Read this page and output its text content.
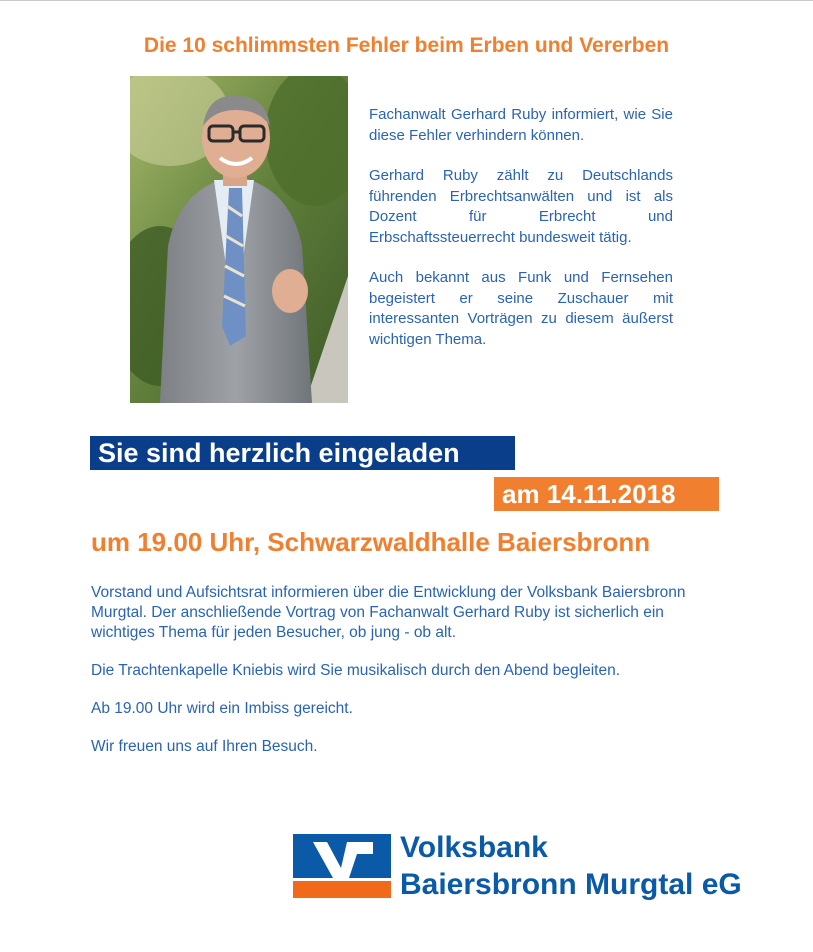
Die 10 schlimmsten Fehler beim Erben und Vererben

Fachanwalt Gerhard Ruby informiert, wie Sie diese Fehler verhindern können.

Gerhard Ruby zählt zu Deutschlands führenden Erbrechtsanwälten und ist als Dozent für Erbrecht und Erbschaftssteuerrecht bundesweit tätig.

Auch bekannt aus Funk und Fernsehen begeistert er seine Zuschauer mit interessanten Vorträgen zu diesem äußerst wichtigen Thema.

Sie sind herzlich eingeladen
am 14.11.2018
um 19.00 Uhr, Schwarzwaldhalle Baiersbronn

Vorstand und Aufsichtsrat informieren über die Entwicklung der Volksbank Baiersbronn Murgtal. Der anschließende Vortrag von Fachanwalt Gerhard Ruby ist sicherlich ein wichtiges Thema für jeden Besucher, ob jung - ob alt.

Die Trachtenkapelle Kniebis wird Sie musikalisch durch den Abend begleiten.

Ab 19.00 Uhr wird ein Imbiss gereicht.

Wir freuen uns auf Ihren Besuch.

Volksbank
Baiersbronn Murgtal eG
